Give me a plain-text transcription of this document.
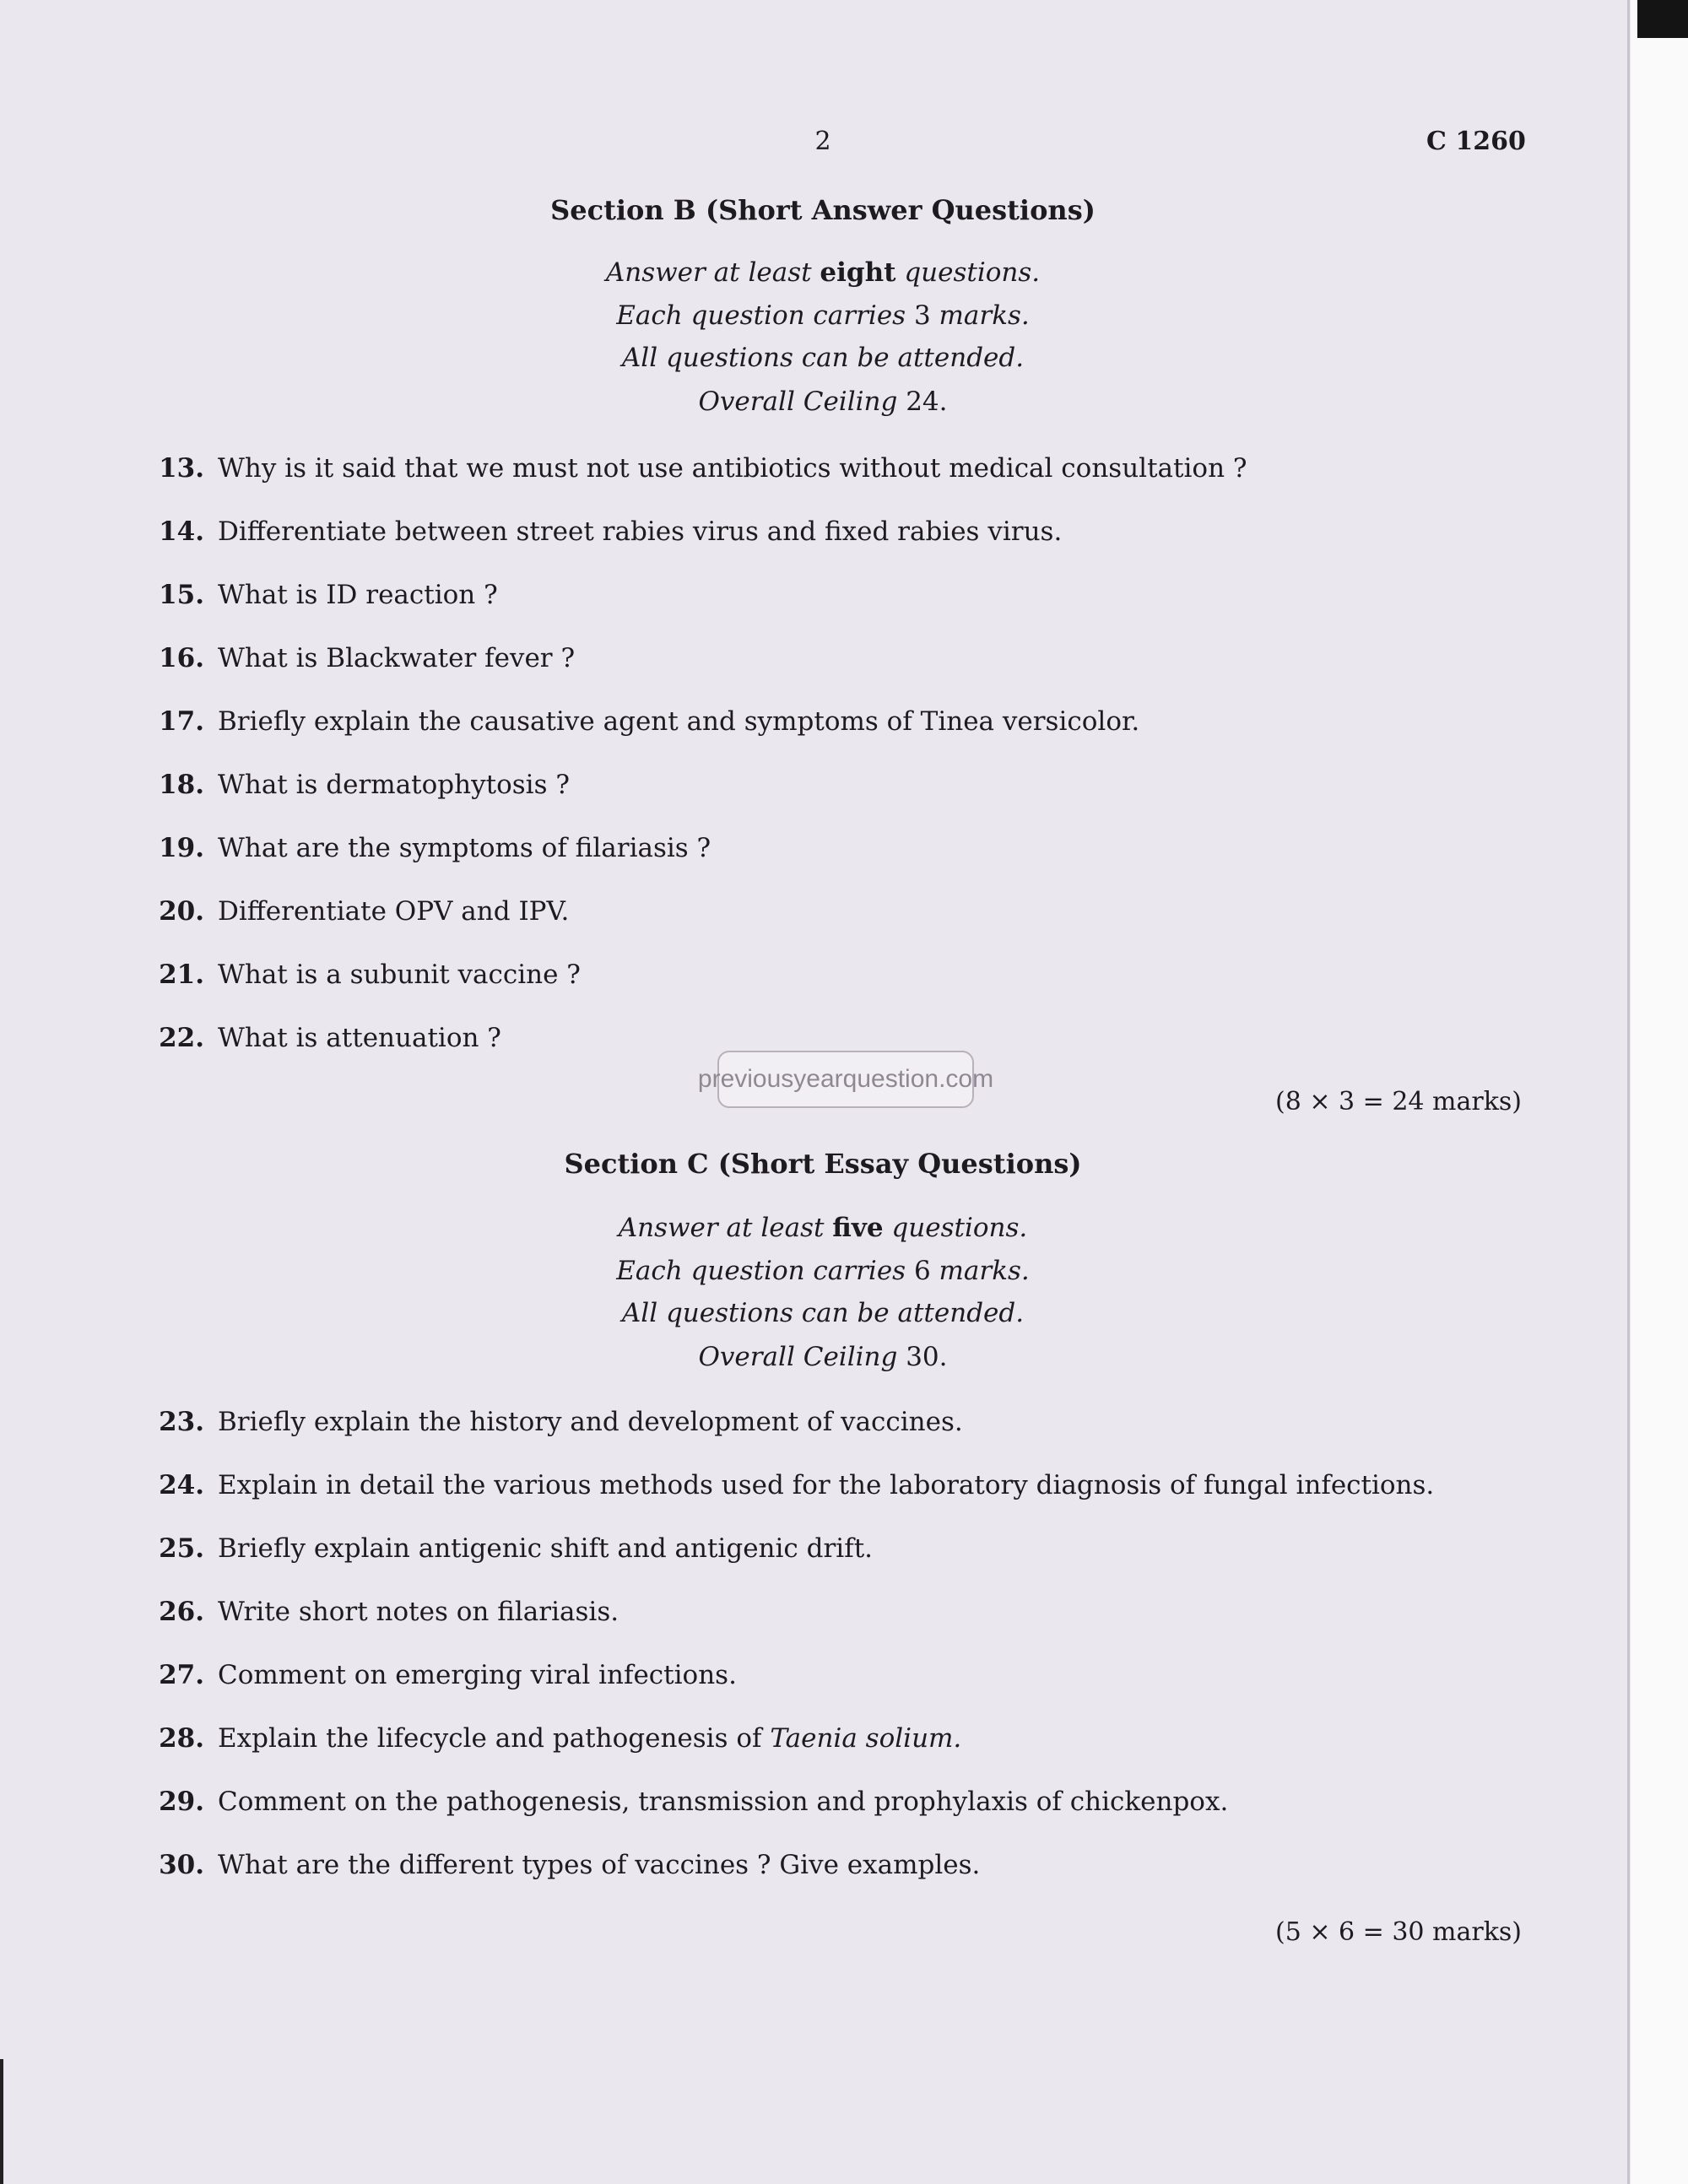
2	C 1260
Section B (Short Answer Questions)
Answer at least eight questions.
Each question carries 3 marks.
All questions can be attended.
Overall Ceiling 24.
13. Why is it said that we must not use antibiotics without medical consultation ?
14. Differentiate between street rabies virus and fixed rabies virus.
15. What is ID reaction ?
16. What is Blackwater fever ?
17. Briefly explain the causative agent and symptoms of Tinea versicolor.
18. What is dermatophytosis ?
19. What are the symptoms of filariasis ?
20. Differentiate OPV and IPV.
21. What is a subunit vaccine ?
22. What is attenuation ?
previousyearquestion.com
(8 × 3 = 24 marks)
Section C (Short Essay Questions)
Answer at least five questions.
Each question carries 6 marks.
All questions can be attended.
Overall Ceiling 30.
23. Briefly explain the history and development of vaccines.
24. Explain in detail the various methods used for the laboratory diagnosis of fungal infections.
25. Briefly explain antigenic shift and antigenic drift.
26. Write short notes on filariasis.
27. Comment on emerging viral infections.
28. Explain the lifecycle and pathogenesis of Taenia solium.
29. Comment on the pathogenesis, transmission and prophylaxis of chickenpox.
30. What are the different types of vaccines ? Give examples.
(5 × 6 = 30 marks)
